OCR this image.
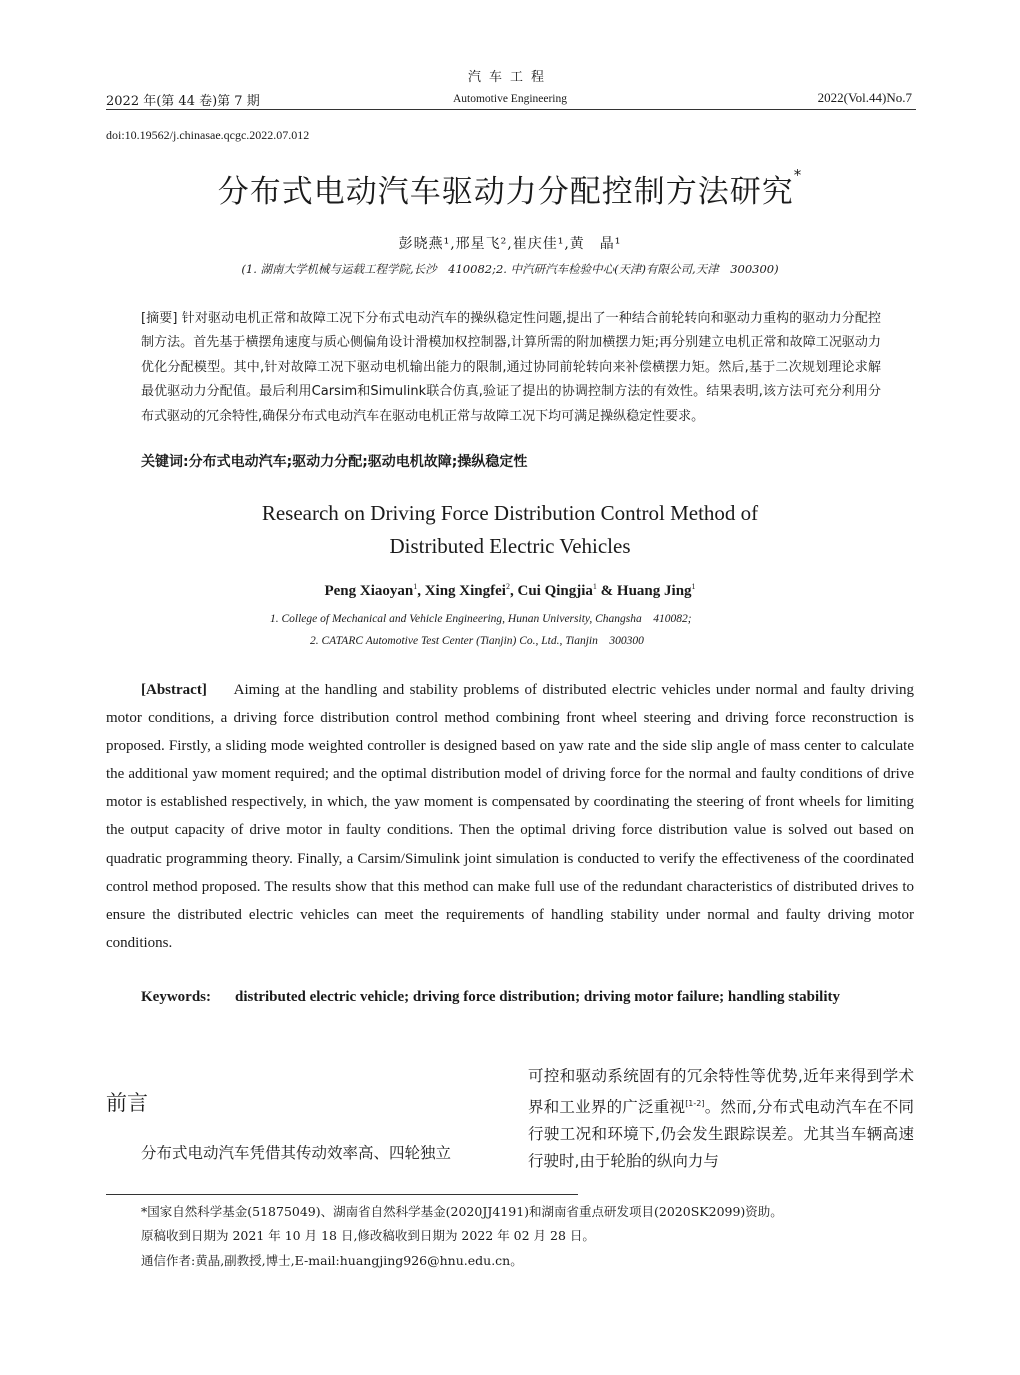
汽车工程
2022 年(第 44 卷)第 7 期	Automotive Engineering	2022(Vol.44)No.7
doi:10.19562/j.chinasae.qcgc.2022.07.012
分布式电动汽车驱动力分配控制方法研究*
彭晓燕¹,邢星飞²,崔庆佳¹,黄　晶¹
(1. 湖南大学机械与运载工程学院,长沙　410082;2. 中汽研汽车检验中心(天津)有限公司,天津　300300)
[摘要] 针对驱动电机正常和故障工况下分布式电动汽车的操纵稳定性问题,提出了一种结合前轮转向和驱动力重构的驱动力分配控制方法。首先基于横摆角速度与质心侧偏角设计滑模加权控制器,计算所需的附加横摆力矩;再分别建立电机正常和故障工况驱动力优化分配模型。其中,针对故障工况下驱动电机输出能力的限制,通过协同前轮转向来补偿横摆力矩。然后,基于二次规划理论求解最优驱动力分配值。最后利用Carsim和Simulink联合仿真,验证了提出的协调控制方法的有效性。结果表明,该方法可充分利用分布式驱动的冗余特性,确保分布式电动汽车在驱动电机正常与故障工况下均可满足操纵稳定性要求。
关键词:分布式电动汽车;驱动力分配;驱动电机故障;操纵稳定性
Research on Driving Force Distribution Control Method of
Distributed Electric Vehicles
Peng Xiaoyan$^1$, Xing Xingfei$^2$, Cui Qingjia$^1$ & Huang Jing$^1$
1. College of Mechanical and Vehicle Engineering, Hunan University, Changsha　410082;
2. CATARC Automotive Test Center (Tianjin) Co., Ltd., Tianjin　300300
[Abstract] Aiming at the handling and stability problems of distributed electric vehicles under normal and faulty driving motor conditions, a driving force distribution control method combining front wheel steering and driving force reconstruction is proposed. Firstly, a sliding mode weighted controller is designed based on yaw rate and the side slip angle of mass center to calculate the additional yaw moment required; and the optimal distribution model of driving force for the normal and faulty conditions of drive motor is established respectively, in which, the yaw moment is compensated by coordinating the steering of front wheels for limiting the output capacity of drive motor in faulty conditions. Then the optimal driving force distribution value is solved out based on quadratic programming theory. Finally, a Carsim/Simulink joint simulation is conducted to verify the effectiveness of the coordinated control method proposed. The results show that this method can make full use of the redundant characteristics of distributed drives to ensure the distributed electric vehicles can meet the requirements of handling stability under normal and faulty driving motor conditions.
Keywords: distributed electric vehicle; driving force distribution; driving motor failure; handling stability
前言
分布式电动汽车凭借其传动效率高、四轮独立
可控和驱动系统固有的冗余特性等优势,近年来得到学术界和工业界的广泛重视[1-2]。然而,分布式电动汽车在不同行驶工况和环境下,仍会发生跟踪误差。尤其当车辆高速行驶时,由于轮胎的纵向力与
*国家自然科学基金(51875049)、湖南省自然科学基金(2020JJ4191)和湖南省重点研发项目(2020SK2099)资助。
原稿收到日期为 2021 年 10 月 18 日,修改稿收到日期为 2022 年 02 月 28 日。
通信作者:黄晶,副教授,博士,E-mail:huangjing926@hnu.edu.cn。
